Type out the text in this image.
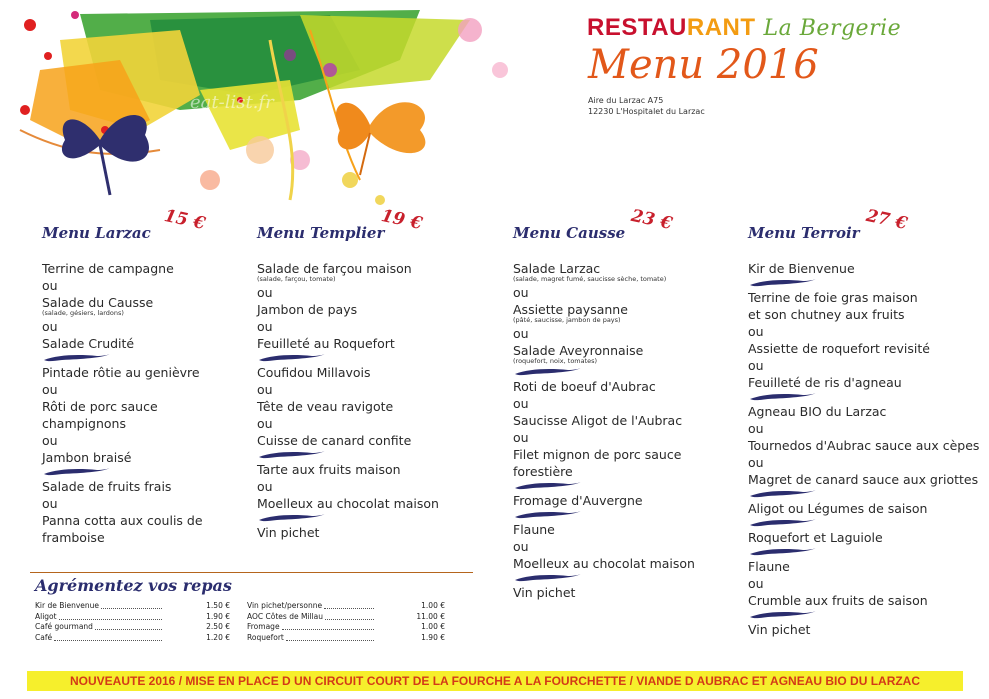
eat-list.fr
RESTAURANT La Bergerie
Menu 2016
Aire du Larzac A75
12230 L'Hospitalet du Larzac
Menu Larzac 15 €
Terrine de campagne
ou
Salade du Causse
(salade, gésiers, lardons)
ou
Salade Crudité
Pintade rôtie au genièvre
ou
Rôti de porc sauce
champignons
ou
Jambon braisé
Salade de fruits frais
ou
Panna cotta aux coulis de
framboise
Menu Templier
19 €
Salade de farçou maison
(salade, farçou, tomate)
ou
Jambon de pays
ou
Feuilleté au Roquefort
Coufidou Millavois
ou
Tête de veau ravigote
ou
Cuisse de canard confite
Tarte aux fruits maison
ou
Moelleux au chocolat maison
Vin pichet
Menu Causse 23 €
Salade Larzac
(salade, magret fumé, saucisse sèche, tomate)
ou
Assiette paysanne
(pâté, saucisse, jambon de pays)
ou
Salade Aveyronnaise
(roquefort, noix, tomates)
Roti de boeuf d'Aubrac
ou
Saucisse Aligot de l'Aubrac
ou
Filet mignon de porc sauce
forestière
Fromage d'Auvergne
Flaune
ou
Moelleux au chocolat maison
Vin pichet
Menu Terroir 27 €
Kir de Bienvenue
Terrine de foie gras maison
et son chutney aux fruits
ou
Assiette de roquefort revisité
ou
Feuilleté de ris d'agneau
Agneau BIO du Larzac
ou
Tournedos d'Aubrac sauce aux cèpes
ou
Magret de canard sauce aux griottes
Aligot ou Légumes de saison
Roquefort et Laguiole
Flaune
ou
Crumble aux fruits de saison
Vin pichet
Agrémentez vos repas
Kir de Bienvenue	1.50 €
Aligot	1.90 €
Café gourmand	2.50 €
Café	1.20 €
Vin pichet/personne	1.00 €
AOC Côtes de Millau	11.00 €
Fromage	1.00 €
Roquefort	1.90 €
NOUVEAUTE 2016 / MISE EN PLACE D UN CIRCUIT COURT DE LA FOURCHE A LA FOURCHETTE / VIANDE D AUBRAC ET AGNEAU BIO DU LARZAC
